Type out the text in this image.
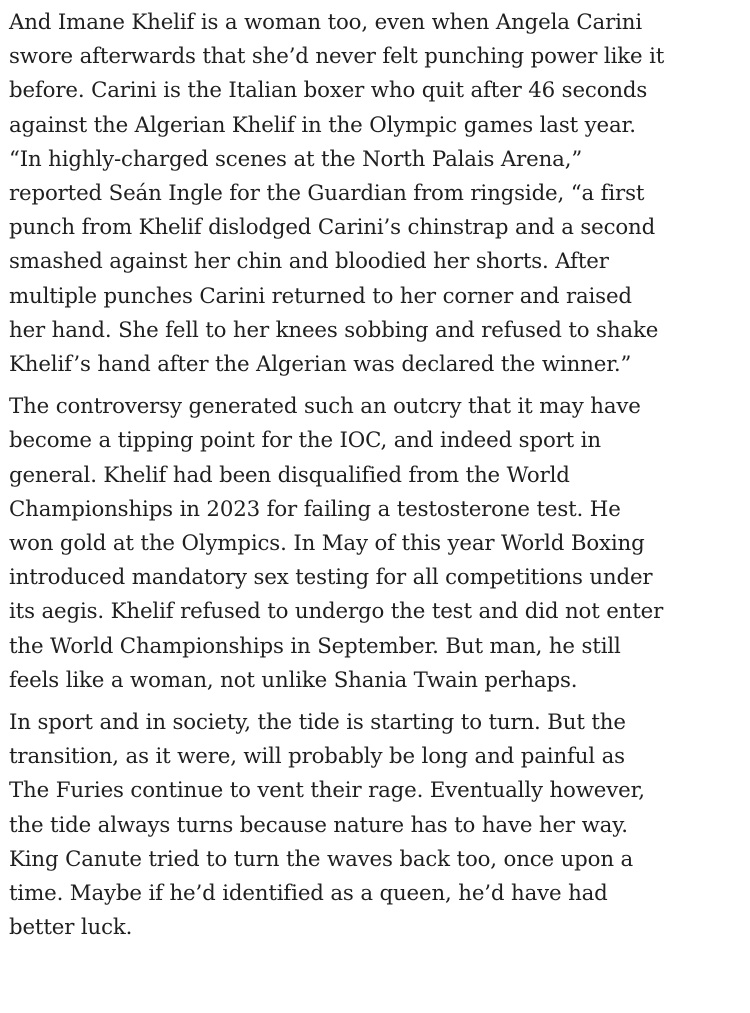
And Imane Khelif is a woman too, even when Angela Carini
swore afterwards that she’d never felt punching power like it
before. Carini is the Italian boxer who quit after 46 seconds
against the Algerian Khelif in the Olympic games last year.
“In highly-charged scenes at the North Palais Arena,”
reported Seán Ingle for the Guardian from ringside, “a first
punch from Khelif dislodged Carini’s chinstrap and a second
smashed against her chin and bloodied her shorts. After
multiple punches Carini returned to her corner and raised
her hand. She fell to her knees sobbing and refused to shake
Khelif’s hand after the Algerian was declared the winner.”

The controversy generated such an outcry that it may have
become a tipping point for the IOC, and indeed sport in
general. Khelif had been disqualified from the World
Championships in 2023 for failing a testosterone test. He
won gold at the Olympics. In May of this year World Boxing
introduced mandatory sex testing for all competitions under
its aegis. Khelif refused to undergo the test and did not enter
the World Championships in September. But man, he still
feels like a woman, not unlike Shania Twain perhaps.

In sport and in society, the tide is starting to turn. But the
transition, as it were, will probably be long and painful as
The Furies continue to vent their rage. Eventually however,
the tide always turns because nature has to have her way.
King Canute tried to turn the waves back too, once upon a
time. Maybe if he’d identified as a queen, he’d have had
better luck.
